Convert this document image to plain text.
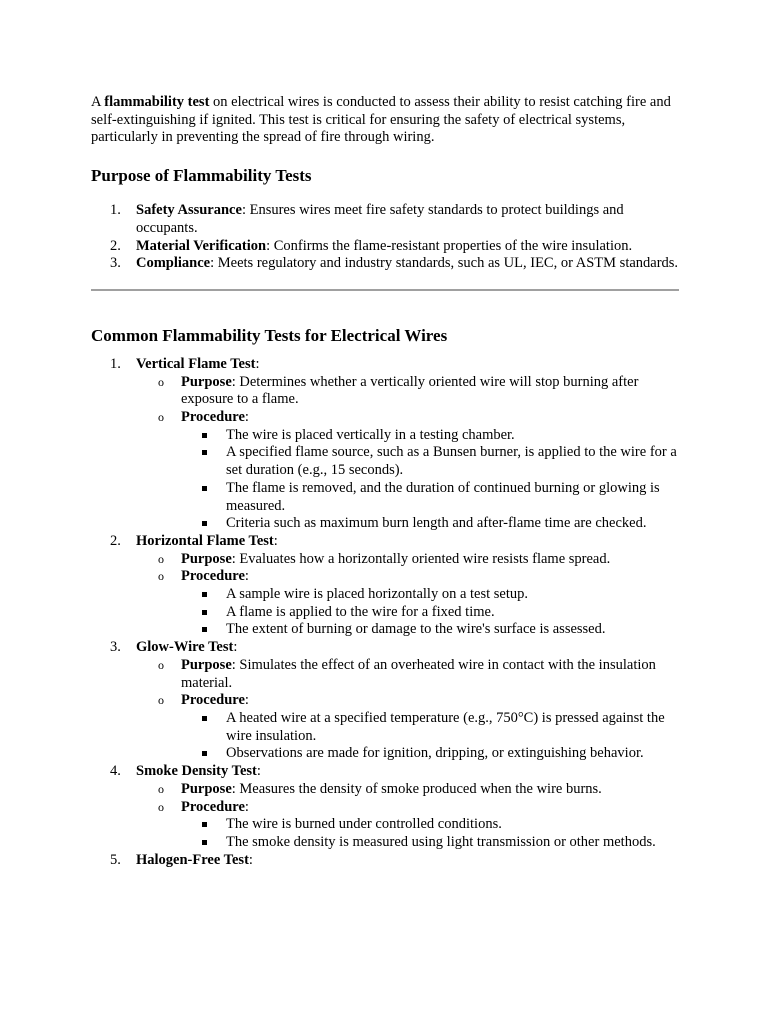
A flammability test on electrical wires is conducted to assess their ability to resist catching fire and self-extinguishing if ignited. This test is critical for ensuring the safety of electrical systems, particularly in preventing the spread of fire through wiring.

Purpose of Flammability Tests
1.	Safety Assurance: Ensures wires meet fire safety standards to protect buildings and occupants.
2.	Material Verification: Confirms the flame-resistant properties of the wire insulation.
3.	Compliance: Meets regulatory and industry standards, such as UL, IEC, or ASTM standards.
Common Flammability Tests for Electrical Wires
1.	Vertical Flame Test:
o Purpose: Determines whether a vertically oriented wire will stop burning after exposure to a flame.
o Procedure:
The wire is placed vertically in a testing chamber.
A specified flame source, such as a Bunsen burner, is applied to the wire for a set duration (e.g., 15 seconds).
The flame is removed, and the duration of continued burning or glowing is measured.
Criteria such as maximum burn length and after-flame time are checked.
2.	Horizontal Flame Test:
o Purpose: Evaluates how a horizontally oriented wire resists flame spread.
o Procedure:
A sample wire is placed horizontally on a test setup.
A flame is applied to the wire for a fixed time.
The extent of burning or damage to the wire's surface is assessed.
3.	Glow-Wire Test:
o Purpose: Simulates the effect of an overheated wire in contact with the insulation material.
o Procedure:
A heated wire at a specified temperature (e.g., 750°C) is pressed against the wire insulation.
Observations are made for ignition, dripping, or extinguishing behavior.
4.	Smoke Density Test:
o Purpose: Measures the density of smoke produced when the wire burns.
o Procedure:
The wire is burned under controlled conditions.
The smoke density is measured using light transmission or other methods.
5.	Halogen-Free Test:
